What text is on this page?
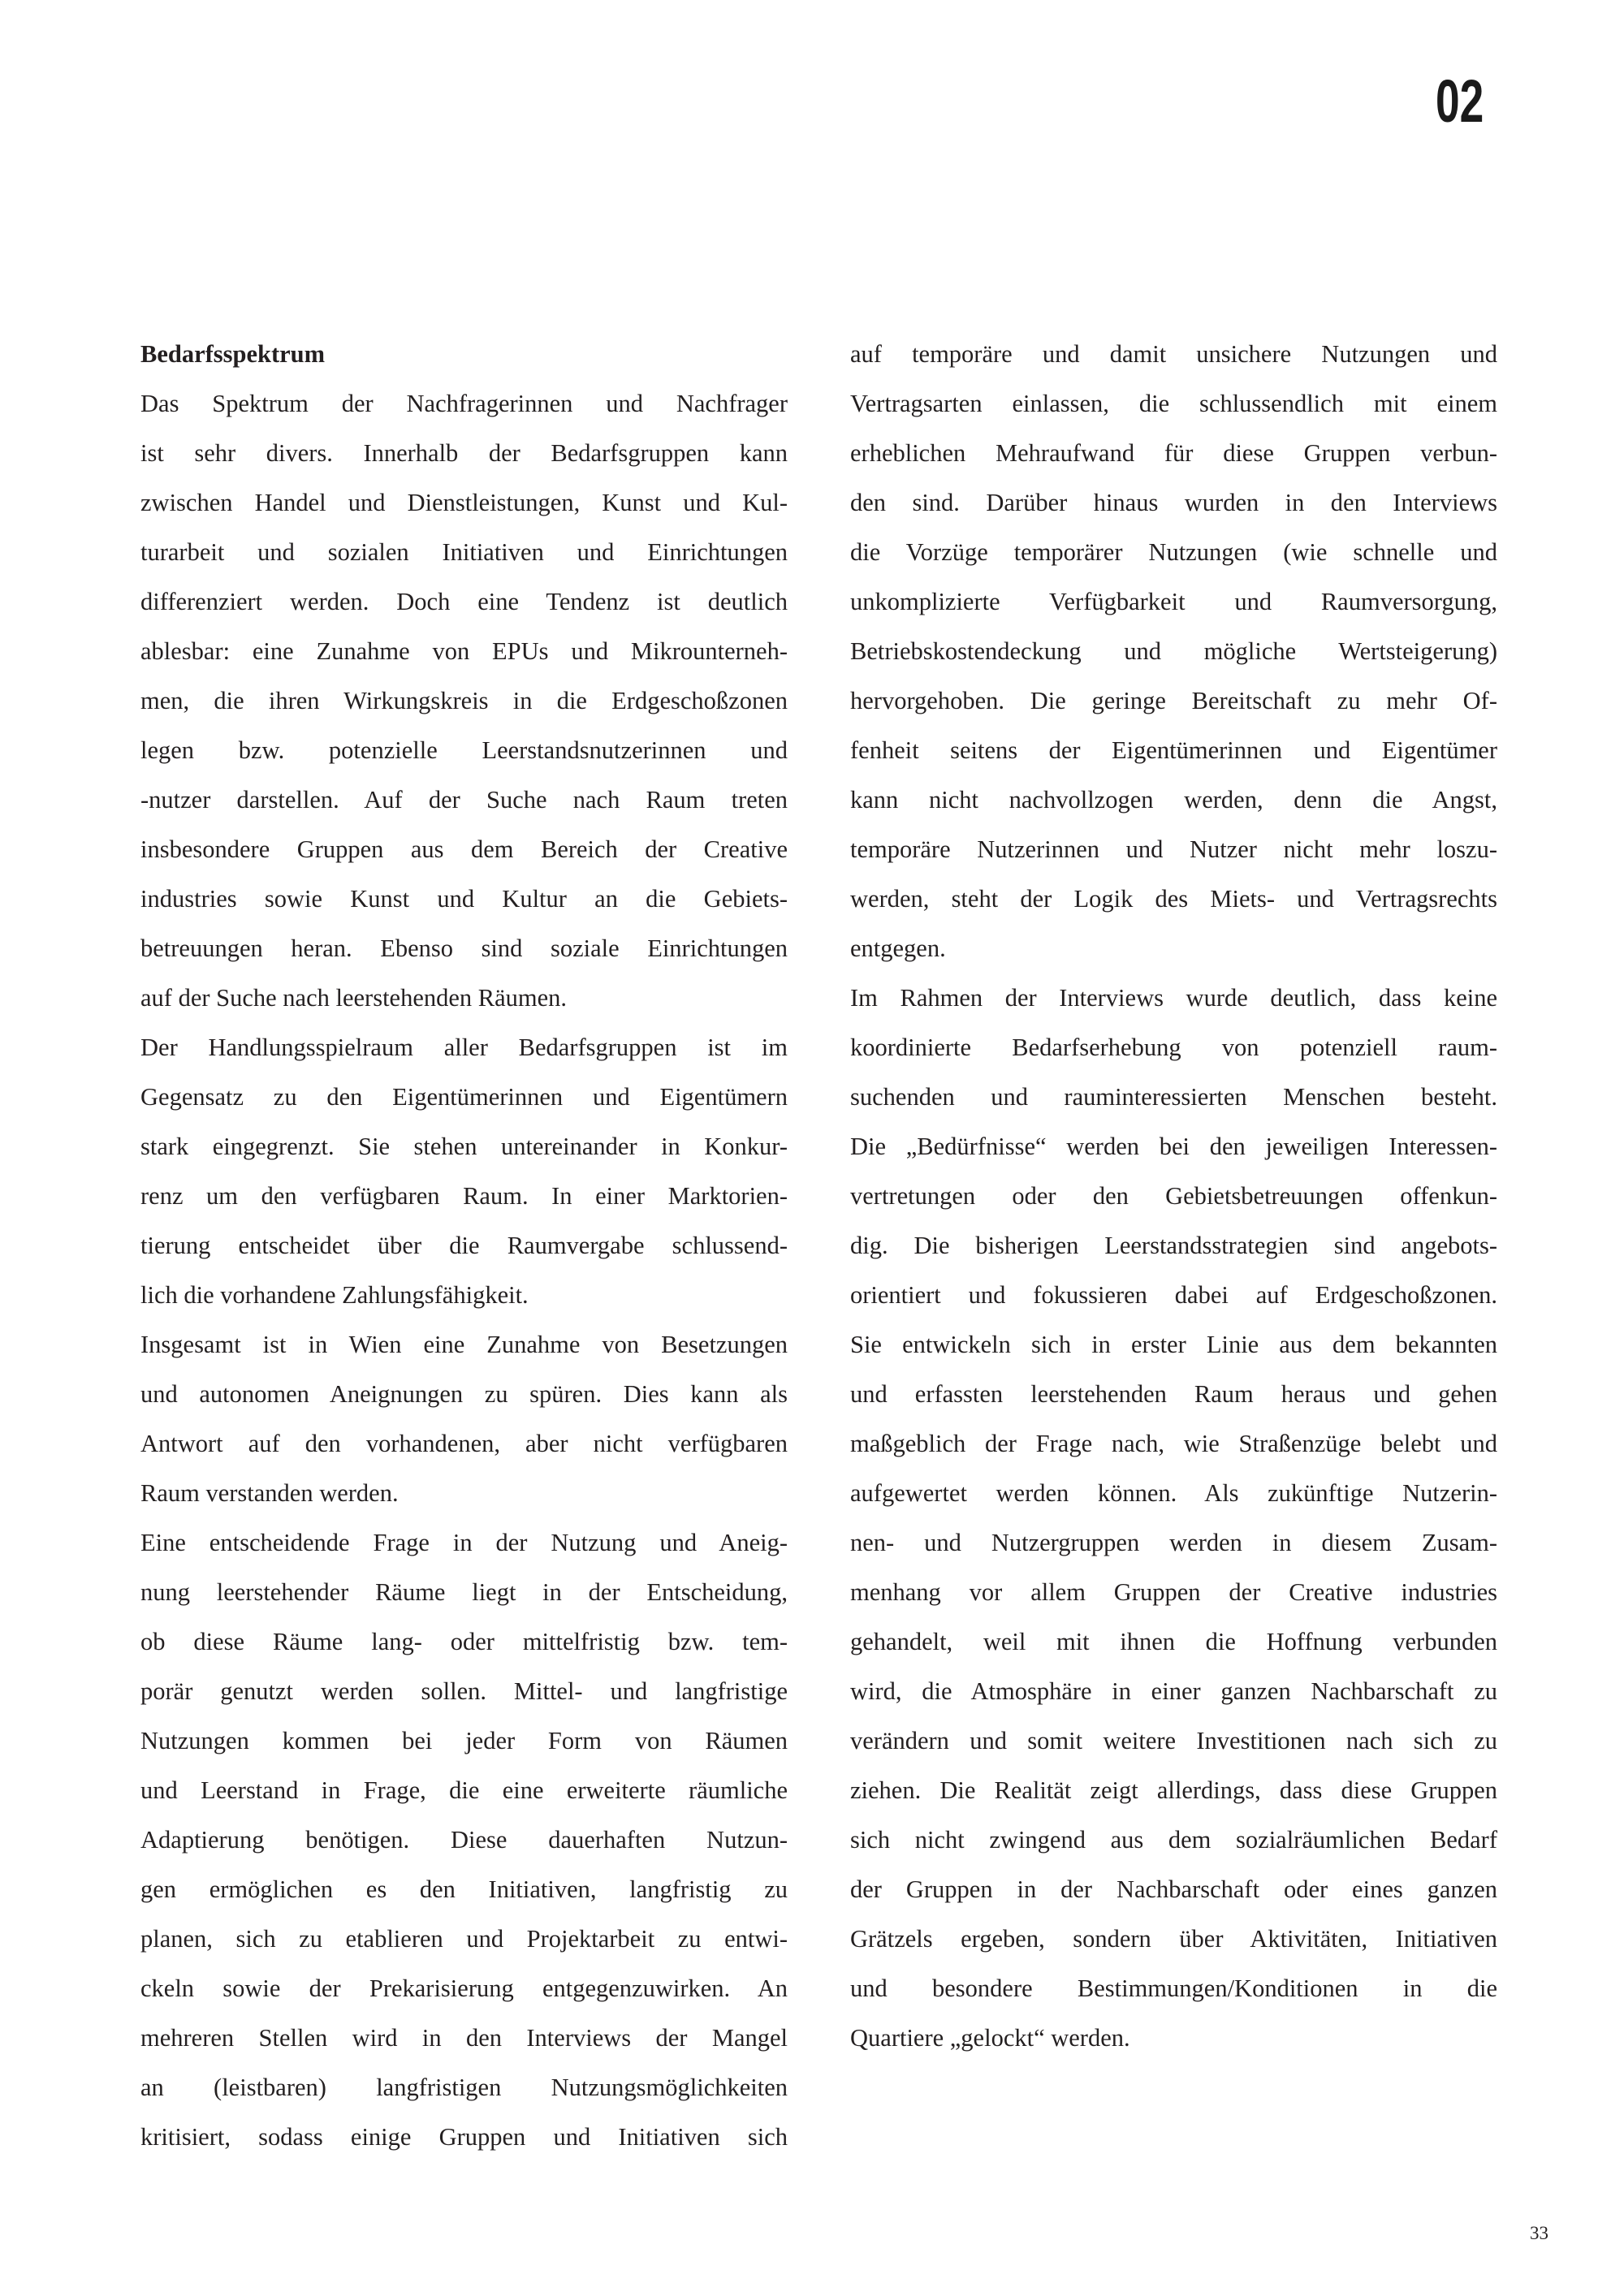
02
Bedarfsspektrum
Das Spektrum der Nachfragerinnen und Nachfrager
ist sehr divers. Innerhalb der Bedarfsgruppen kann
zwischen Handel und Dienstleistungen, Kunst und Kul-
turarbeit und sozialen Initiativen und Einrichtungen
differenziert werden. Doch eine Tendenz ist deutlich
ablesbar: eine Zunahme von EPUs und Mikrounterneh-
men, die ihren Wirkungskreis in die Erdgeschoßzonen
legen bzw. potenzielle Leerstandsnutzerinnen und
-nutzer darstellen. Auf der Suche nach Raum treten
insbesondere Gruppen aus dem Bereich der Creative
industries sowie Kunst und Kultur an die Gebiets-
betreuungen heran. Ebenso sind soziale Einrichtungen
auf der Suche nach leerstehenden Räumen.
Der Handlungsspielraum aller Bedarfsgruppen ist im
Gegensatz zu den Eigentümerinnen und Eigentümern
stark eingegrenzt. Sie stehen untereinander in Konkur-
renz um den verfügbaren Raum. In einer Marktorien-
tierung entscheidet über die Raumvergabe schlussend-
lich die vorhandene Zahlungsfähigkeit.
Insgesamt ist in Wien eine Zunahme von Besetzungen
und autonomen Aneignungen zu spüren. Dies kann als
Antwort auf den vorhandenen, aber nicht verfügbaren
Raum verstanden werden.
Eine entscheidende Frage in der Nutzung und Aneig-
nung leerstehender Räume liegt in der Entscheidung,
ob diese Räume lang- oder mittelfristig bzw. tem-
porär genutzt werden sollen. Mittel- und langfristige
Nutzungen kommen bei jeder Form von Räumen
und Leerstand in Frage, die eine erweiterte räumliche
Adaptierung benötigen. Diese dauerhaften Nutzun-
gen ermöglichen es den Initiativen, langfristig zu
planen, sich zu etablieren und Projektarbeit zu entwi-
ckeln sowie der Prekarisierung entgegenzuwirken. An
mehreren Stellen wird in den Interviews der Mangel
an (leistbaren) langfristigen Nutzungsmöglichkeiten
kritisiert, sodass einige Gruppen und Initiativen sich
auf temporäre und damit unsichere Nutzungen und
Vertragsarten einlassen, die schlussendlich mit einem
erheblichen Mehraufwand für diese Gruppen verbun-
den sind. Darüber hinaus wurden in den Interviews
die Vorzüge temporärer Nutzungen (wie schnelle und
unkomplizierte Verfügbarkeit und Raumversorgung,
Betriebskostendeckung und mögliche Wertsteigerung)
hervorgehoben. Die geringe Bereitschaft zu mehr Of-
fenheit seitens der Eigentümerinnen und Eigentümer
kann nicht nachvollzogen werden, denn die Angst,
temporäre Nutzerinnen und Nutzer nicht mehr loszu-
werden, steht der Logik des Miets- und Vertragsrechts
entgegen.
Im Rahmen der Interviews wurde deutlich, dass keine
koordinierte Bedarfserhebung von potenziell raum-
suchenden und rauminteressierten Menschen besteht.
Die „Bedürfnisse“ werden bei den jeweiligen Interessen-
vertretungen oder den Gebietsbetreuungen offenkun-
dig. Die bisherigen Leerstandsstrategien sind angebots-
orientiert und fokussieren dabei auf Erdgeschoßzonen.
Sie entwickeln sich in erster Linie aus dem bekannten
und erfassten leerstehenden Raum heraus und gehen
maßgeblich der Frage nach, wie Straßenzüge belebt und
aufgewertet werden können. Als zukünftige Nutzerin-
nen- und Nutzergruppen werden in diesem Zusam-
menhang vor allem Gruppen der Creative industries
gehandelt, weil mit ihnen die Hoffnung verbunden
wird, die Atmosphäre in einer ganzen Nachbarschaft zu
verändern und somit weitere Investitionen nach sich zu
ziehen. Die Realität zeigt allerdings, dass diese Gruppen
sich nicht zwingend aus dem sozialräumlichen Bedarf
der Gruppen in der Nachbarschaft oder eines ganzen
Grätzels ergeben, sondern über Aktivitäten, Initiativen
und besondere Bestimmungen/Konditionen in die
Quartiere „gelockt“ werden.
33
